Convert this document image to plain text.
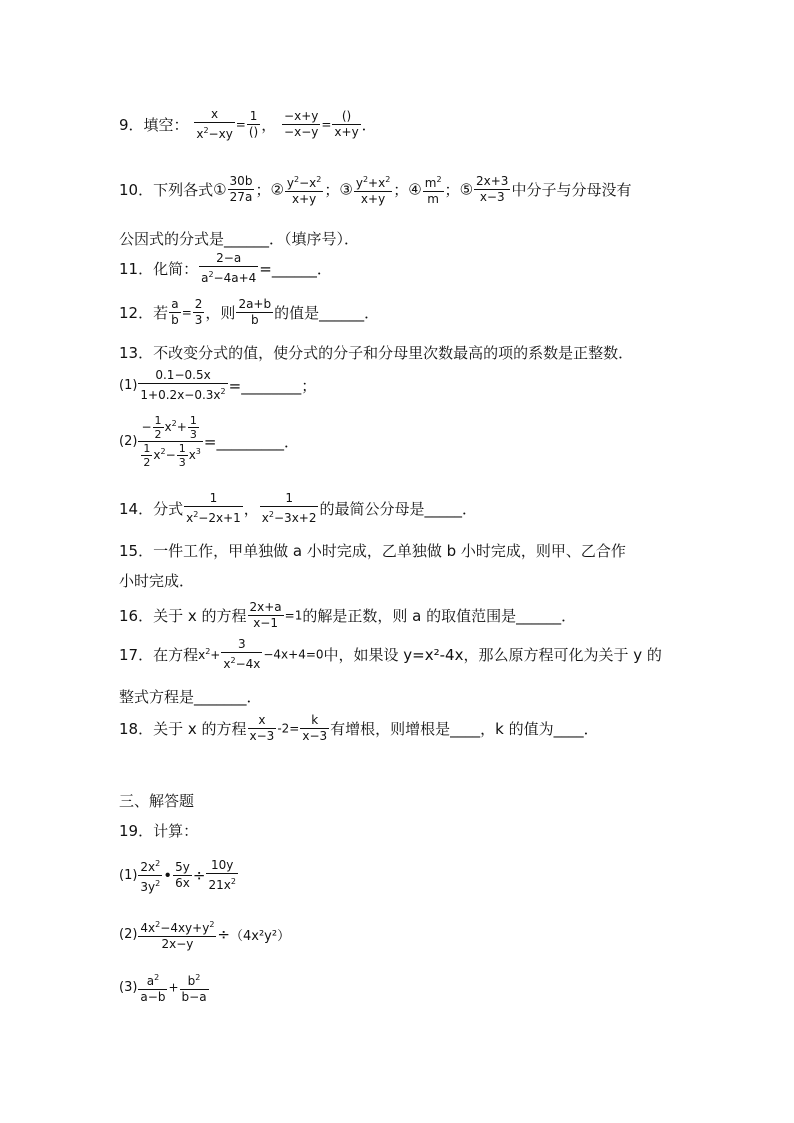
9．填空： $\frac{x}{x^2-xy} = \frac{1}{()}$ ， $\frac{-x+y}{-x-y} = \frac{()}{x+y}$ ．
10．下列各式① $\frac{30b}{27a}$ ；② $\frac{y^2-x^2}{x+y}$ ；③ $\frac{y^2+x^2}{x+y}$ ；④ $\frac{m^2}{m}$ ；⑤ $\frac{2x+3}{x-3}$ 中分子与分母没有
公因式的分式是______．（填序号）．
11．化简： $\frac{2-a}{a^2-4a+4}$ =______．
12．若 $\frac{a}{b} = \frac{2}{3}$ ，则 $\frac{2a+b}{b}$ 的值是______．
13．不改变分式的值，使分式的分子和分母里次数最高的项的系数是正整数．
$(1) \frac{0.1-0.5x}{1+0.2x-0.3x^2}$ =________；
$(2) \frac{- \frac{1}{2} x^2+ \frac{1}{3}}{\frac{1}{2} x^2- \frac{1}{3} x^3}$ =_________．
14．分式 $\frac{1}{x^2-2x+1}$ ， $\frac{1}{x^2-3x+2}$ 的最简公分母是_____．
15．一件工作，甲单独做 a 小时完成，乙单独做 b 小时完成，则甲、乙合作
小时完成．
16．关于 x 的方程 $\frac{2x+a}{x-1} =1$的解是正数，则 a 的取值范围是______．
17．在方程$x^2+ \frac{3}{x^2-4x} -4x+4=0$中，如果设 y=x²-4x，那么原方程可化为关于 y 的
整式方程是_______．
18．关于 x 的方程 $\frac{x}{x-3} -2= \frac{k}{x-3}$ 有增根，则增根是____，k 的值为____．
三、解答题
19．计算：
$(1) \frac{2x^2}{3y^2}$ • $\frac{5y}{6x} \div \frac{10y}{21x^2}$
$(2) \frac{4x^2-4xy+y^2}{2x-y} \div(4x^2y^2)$
$(3) \frac{a^2}{a-b} + \frac{b^2}{b-a}$
